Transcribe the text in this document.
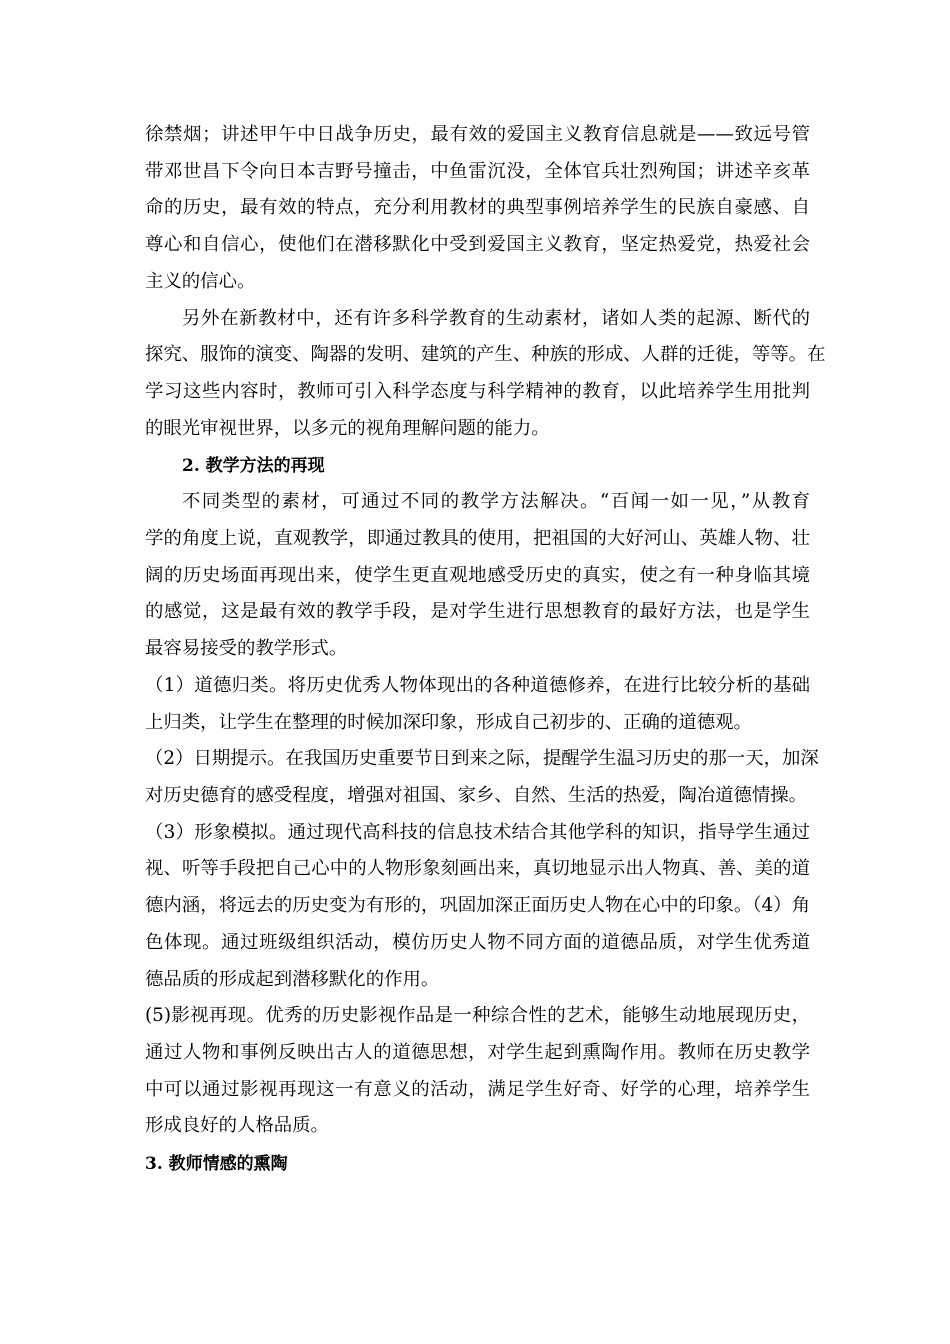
徐禁烟；讲述甲午中日战争历史，最有效的爱国主义教育信息就是——致远号管
带邓世昌下令向日本吉野号撞击，中鱼雷沉没，全体官兵壮烈殉国；讲述辛亥革
命的历史，最有效的特点，充分利用教材的典型事例培养学生的民族自豪感、自
尊心和自信心，使他们在潜移默化中受到爱国主义教育，坚定热爱党，热爱社会
主义的信心。
另外在新教材中，还有许多科学教育的生动素材，诸如人类的起源、断代的
探究、服饰的演变、陶器的发明、建筑的产生、种族的形成、人群的迁徙，等等。在
学习这些内容时，教师可引入科学态度与科学精神的教育，以此培养学生用批判
的眼光审视世界，以多元的视角理解问题的能力。
2. 教学方法的再现
不同类型的素材，可通过不同的教学方法解决。“百闻一如一见，”从教育
学的角度上说，直观教学，即通过教具的使用，把祖国的大好河山、英雄人物、壮
阔的历史场面再现出来，使学生更直观地感受历史的真实，使之有一种身临其境
的感觉，这是最有效的教学手段，是对学生进行思想教育的最好方法，也是学生
最容易接受的教学形式。
（1）道德归类。将历史优秀人物体现出的各种道德修养，在进行比较分析的基础
上归类，让学生在整理的时候加深印象，形成自己初步的、正确的道德观。
（2）日期提示。在我国历史重要节日到来之际，提醒学生温习历史的那一天，加深
对历史德育的感受程度，增强对祖国、家乡、自然、生活的热爱，陶冶道德情操。
（3）形象模拟。通过现代高科技的信息技术结合其他学科的知识，指导学生通过
视、听等手段把自己心中的人物形象刻画出来，真切地显示出人物真、善、美的道
德内涵，将远去的历史变为有形的，巩固加深正面历史人物在心中的印象。（4）角
色体现。通过班级组织活动，模仿历史人物不同方面的道德品质，对学生优秀道
德品质的形成起到潜移默化的作用。
(5)影视再现。优秀的历史影视作品是一种综合性的艺术，能够生动地展现历史，
通过人物和事例反映出古人的道德思想，对学生起到熏陶作用。教师在历史教学
中可以通过影视再现这一有意义的活动，满足学生好奇、好学的心理，培养学生
形成良好的人格品质。
3. 教师情感的熏陶
